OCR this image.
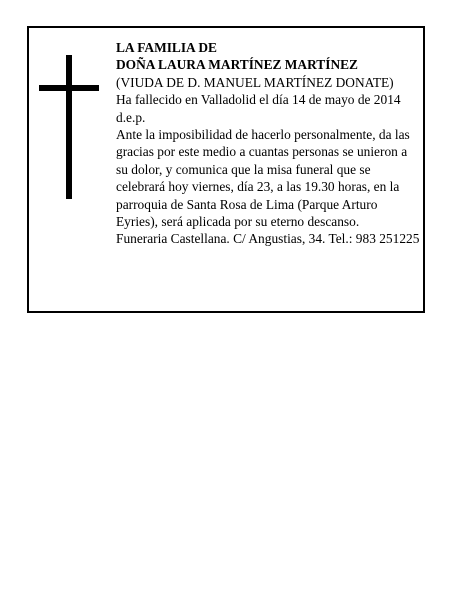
LA FAMILIA DE

DOÑA LAURA MARTÍNEZ MARTÍNEZ

(VIUDA DE D. MANUEL MARTÍNEZ DONATE)

Ha fallecido en Valladolid el día 14 de mayo de 2014

d.e.p.

Ante la imposibilidad de hacerlo personalmente, da las gracias por este medio a cuantas personas se unieron a su dolor, y comunica que la misa funeral que se celebrará hoy viernes, día 23, a las 19.30 horas, en la parroquia de Santa Rosa de Lima (Parque Arturo Eyries), será aplicada por su eterno descanso.

Funeraria Castellana. C/ Angustias, 34. Tel.: 983 251225
